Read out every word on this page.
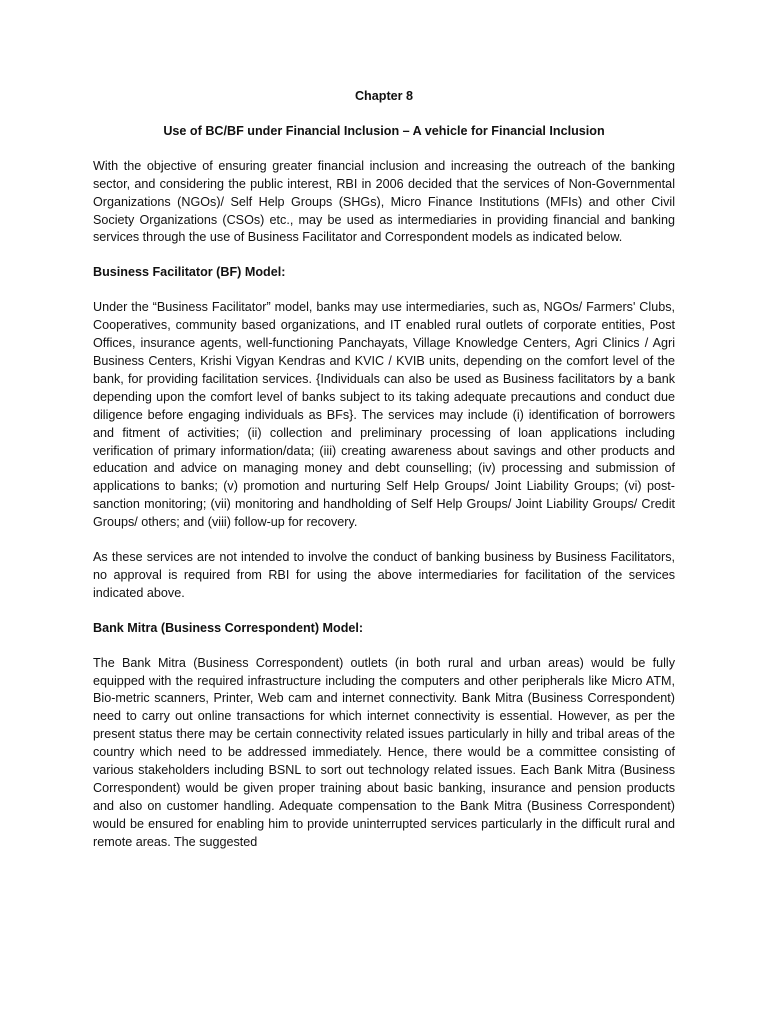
Chapter 8

Use of BC/BF under Financial Inclusion – A vehicle for Financial Inclusion

With the objective of ensuring greater financial inclusion and increasing the outreach of the banking sector, and considering the public interest, RBI in 2006 decided that the services of Non-Governmental Organizations (NGOs)/ Self Help Groups (SHGs), Micro Finance Institutions (MFIs) and other Civil Society Organizations (CSOs) etc., may be used as intermediaries in providing financial and banking services through the use of Business Facilitator and Correspondent models as indicated below.

Business Facilitator (BF) Model:

Under the “Business Facilitator” model, banks may use intermediaries, such as, NGOs/ Farmers' Clubs, Cooperatives, community based organizations, and IT enabled rural outlets of corporate entities, Post Offices, insurance agents, well-functioning Panchayats, Village Knowledge Centers, Agri Clinics / Agri Business Centers, Krishi Vigyan Kendras and KVIC / KVIB units, depending on the comfort level of the bank, for providing facilitation services. {Individuals can also be used as Business facilitators by a bank depending upon the comfort level of banks subject to its taking adequate precautions and conduct due diligence before engaging individuals as BFs}. The services may include (i) identification of borrowers and fitment of activities; (ii) collection and preliminary processing of loan applications including verification of primary information/data; (iii) creating awareness about savings and other products and education and advice on managing money and debt counselling; (iv) processing and submission of applications to banks; (v) promotion and nurturing Self Help Groups/ Joint Liability Groups; (vi) post-sanction monitoring; (vii) monitoring and handholding of Self Help Groups/ Joint Liability Groups/ Credit Groups/ others; and (viii) follow-up for recovery.

As these services are not intended to involve the conduct of banking business by Business Facilitators, no approval is required from RBI for using the above intermediaries for facilitation of the services indicated above.

Bank Mitra (Business Correspondent) Model:

The Bank Mitra (Business Correspondent) outlets (in both rural and urban areas) would be fully equipped with the required infrastructure including the computers and other peripherals like Micro ATM, Bio-metric scanners, Printer, Web cam and internet connectivity. Bank Mitra (Business Correspondent) need to carry out online transactions for which internet connectivity is essential. However, as per the present status there may be certain connectivity related issues particularly in hilly and tribal areas of the country which need to be addressed immediately. Hence, there would be a committee consisting of various stakeholders including BSNL to sort out technology related issues. Each Bank Mitra (Business Correspondent) would be given proper training about basic banking, insurance and pension products and also on customer handling. Adequate compensation to the Bank Mitra (Business Correspondent) would be ensured for enabling him to provide uninterrupted services particularly in the difficult rural and remote areas. The suggested
